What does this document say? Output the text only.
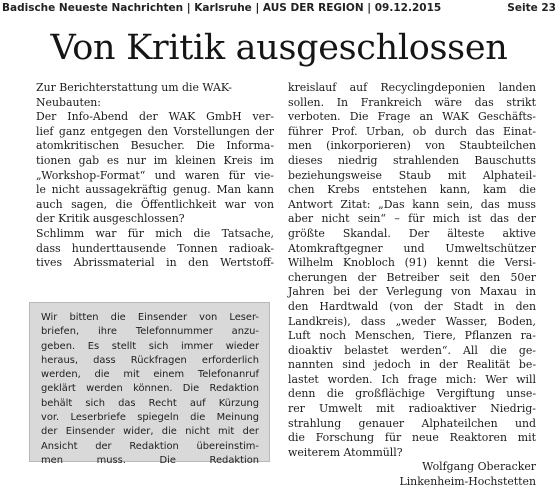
Badische Neueste Nachrichten | Karlsruhe | AUS DER REGION | 09.12.2015	Seite 23
Von Kritik ausgeschlossen
Zur Berichterstattung um die WAK-
Neubauten:
Der Info-Abend der WAK GmbH ver-
lief ganz entgegen den Vorstellungen der
atomkritischen Besucher. Die Informa-
tionen gab es nur im kleinen Kreis im
„Workshop-Format“ und waren für vie-
le nicht aussagekräftig genug. Man kann
auch sagen, die Öffentlichkeit war von
der Kritik ausgeschlossen?
Schlimm war für mich die Tatsache,
dass hunderttausende Tonnen radioak-
tives Abrissmaterial in den Wertstoff-
kreislauf auf Recyclingdeponien landen
sollen. In Frankreich wäre das strikt
verboten. Die Frage an WAK Geschäfts-
führer Prof. Urban, ob durch das Einat-
men (inkorporieren) von Staubteilchen
dieses niedrig strahlenden Bauschutts
beziehungsweise Staub mit Alphateil-
chen Krebs entstehen kann, kam die
Antwort Zitat: „Das kann sein, das muss
aber nicht sein“ – für mich ist das der
größte Skandal. Der älteste aktive
Atomkraftgegner und Umweltschützer
Wilhelm Knobloch (91) kennt die Versi-
cherungen der Betreiber seit den 50er
Jahren bei der Verlegung von Maxau in
den Hardtwald (von der Stadt in den
Landkreis), dass „weder Wasser, Boden,
Luft noch Menschen, Tiere, Pflanzen ra-
dioaktiv belastet werden“. All die ge-
nannten sind jedoch in der Realität be-
lastet worden. Ich frage mich: Wer will
denn die großflächige Vergiftung unse-
rer Umwelt mit radioaktiver Niedrig-
strahlung genauer Alphateilchen und
die Forschung für neue Reaktoren mit
weiterem Atommüll?
Wolfgang Oberacker
Linkenheim-Hochstetten
Wir bitten die Einsender von Leser-
briefen, ihre Telefonnummer anzu-
geben. Es stellt sich immer wieder
heraus, dass Rückfragen erforderlich
werden, die mit einem Telefonanruf
geklärt werden können. Die Redaktion
behält sich das Recht auf Kürzung
vor. Leserbriefe spiegeln die Meinung
der Einsender wider, die nicht mit der
Ansicht der Redaktion übereinstim-
men muss. Die Redaktion
